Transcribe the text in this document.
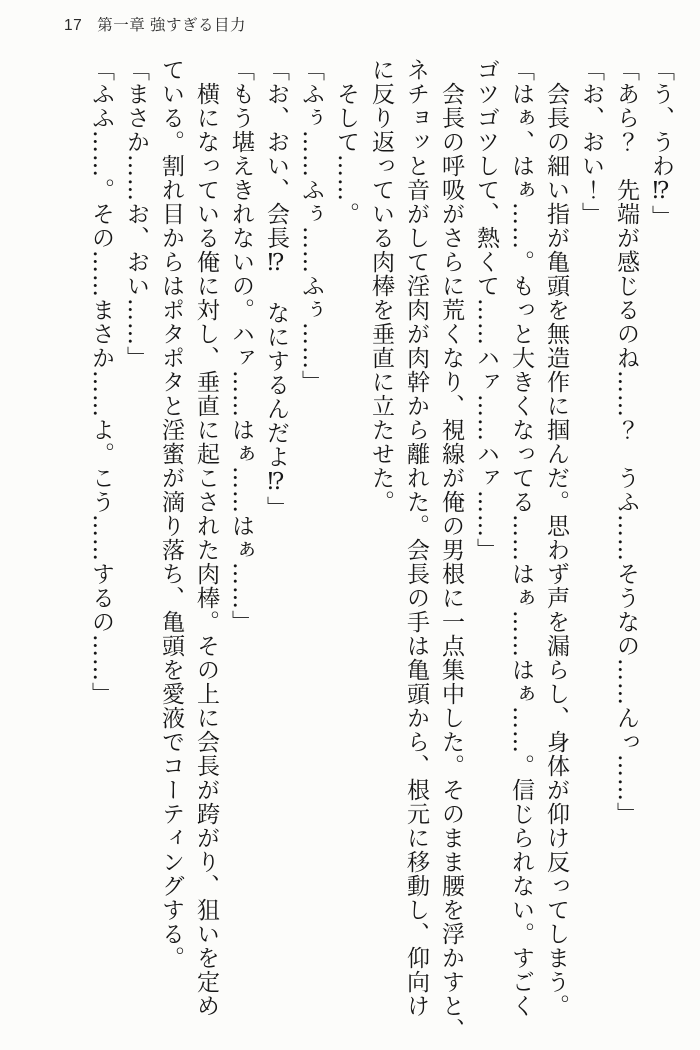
17 第一章 強すぎる目力

「う、うわ⁉」

「あら？　先端が感じるのね……？　うふ……そうなの……んっ……」

「お、おい！」

　会長の細い指が亀頭を無造作に掴んだ。思わず声を漏らし、身体が仰け反ってしまう。

「はぁ、はぁ……。もっと大きくなってる……はぁ……はぁ……。信じられない。すごく

ゴツゴツして、熱くて……ハァ……ハァ……」

　会長の呼吸がさらに荒くなり、視線が俺の男根に一点集中した。そのまま腰を浮かすと、

ネチョッと音がして淫肉が肉幹から離れた。会長の手は亀頭から、根元に移動し、仰向け

に反り返っている肉棒を垂直に立たせた。

　そして……。

「ふぅ……ふぅ……ふぅ……」

「お、おい、会長⁉　なにするんだよ⁉」

「もう堪えきれないの。ハァ……はぁ……はぁ……」

　横になっている俺に対し、垂直に起こされた肉棒。その上に会長が跨がり、狙いを定め

ている。割れ目からはポタポタと淫蜜が滴り落ち、亀頭を愛液でコーティングする。

「まさか……お、おい……」

「ふふ……。その……まさか……よ。こう……するの……」
